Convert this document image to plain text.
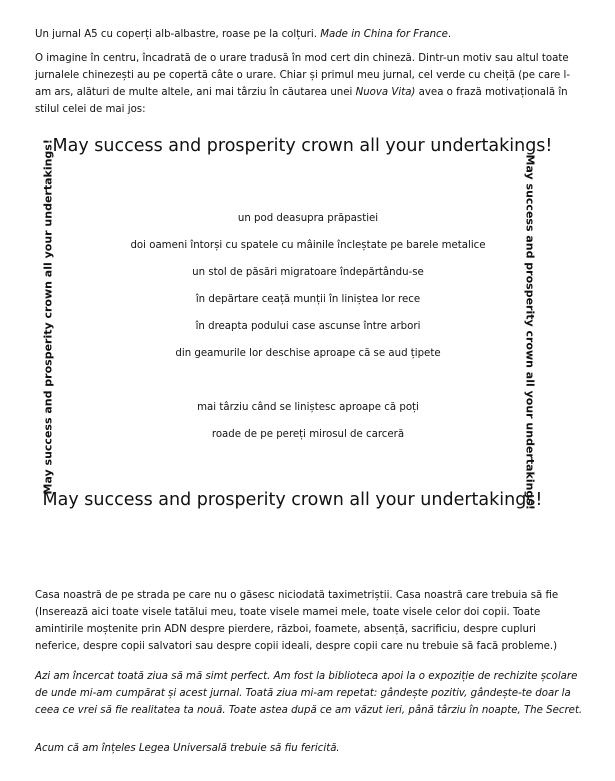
Un jurnal A5 cu coperți alb-albastre, roase pe la colțuri. Made in China for France.

O imagine în centru, încadrată de o urare tradusă în mod cert din chineză. Dintr-un motiv sau altul toate jurnalele chinezești au pe copertă câte o urare. Chiar și primul meu jurnal, cel verde cu cheiță (pe care l-am ars, alături de multe altele, ani mai târziu în căutarea unei Nuova Vita) avea o frază motivațională în stilul celei de mai jos:

May success and prosperity crown all your undertakings!
May success and prosperity crown all your undertakings!
May success and prosperity crown all your undertakings!	May success and prosperity crown all your undertakings!

un pod deasupra prăpastiei

doi oameni întorși cu spatele cu mâinile încleștate pe barele metalice

un stol de păsări migratoare îndepărtându-se

în depărtare ceață munții în liniștea lor rece

în dreapta podului case ascunse între arbori

din geamurile lor deschise aproape că se aud țipete

mai târziu când se liniștesc aproape că poți

roade de pe pereți mirosul de carceră

Casa noastră de pe strada pe care nu o găsesc niciodată taximetriștii. Casa noastră care trebuia să fie (Inserează aici toate visele tatălui meu, toate visele mamei mele, toate visele celor doi copii. Toate amintirile moștenite prin ADN despre pierdere, război, foamete, absență, sacrificiu, despre cupluri neferice, despre copii salvatori sau despre copii ideali, despre copii care nu trebuie să facă probleme.)

Azi am încercat toată ziua să mă simt perfect. Am fost la biblioteca apoi la o expoziție de rechizite școlare de unde mi-am cumpărat și acest jurnal. Toată ziua mi-am repetat: gândește pozitiv, gândește-te doar la ceea ce vrei să fie realitatea ta nouă. Toate astea după ce am văzut ieri, până târziu în noapte, The Secret.

Acum că am înțeles Legea Universală trebuie să fiu fericită.
